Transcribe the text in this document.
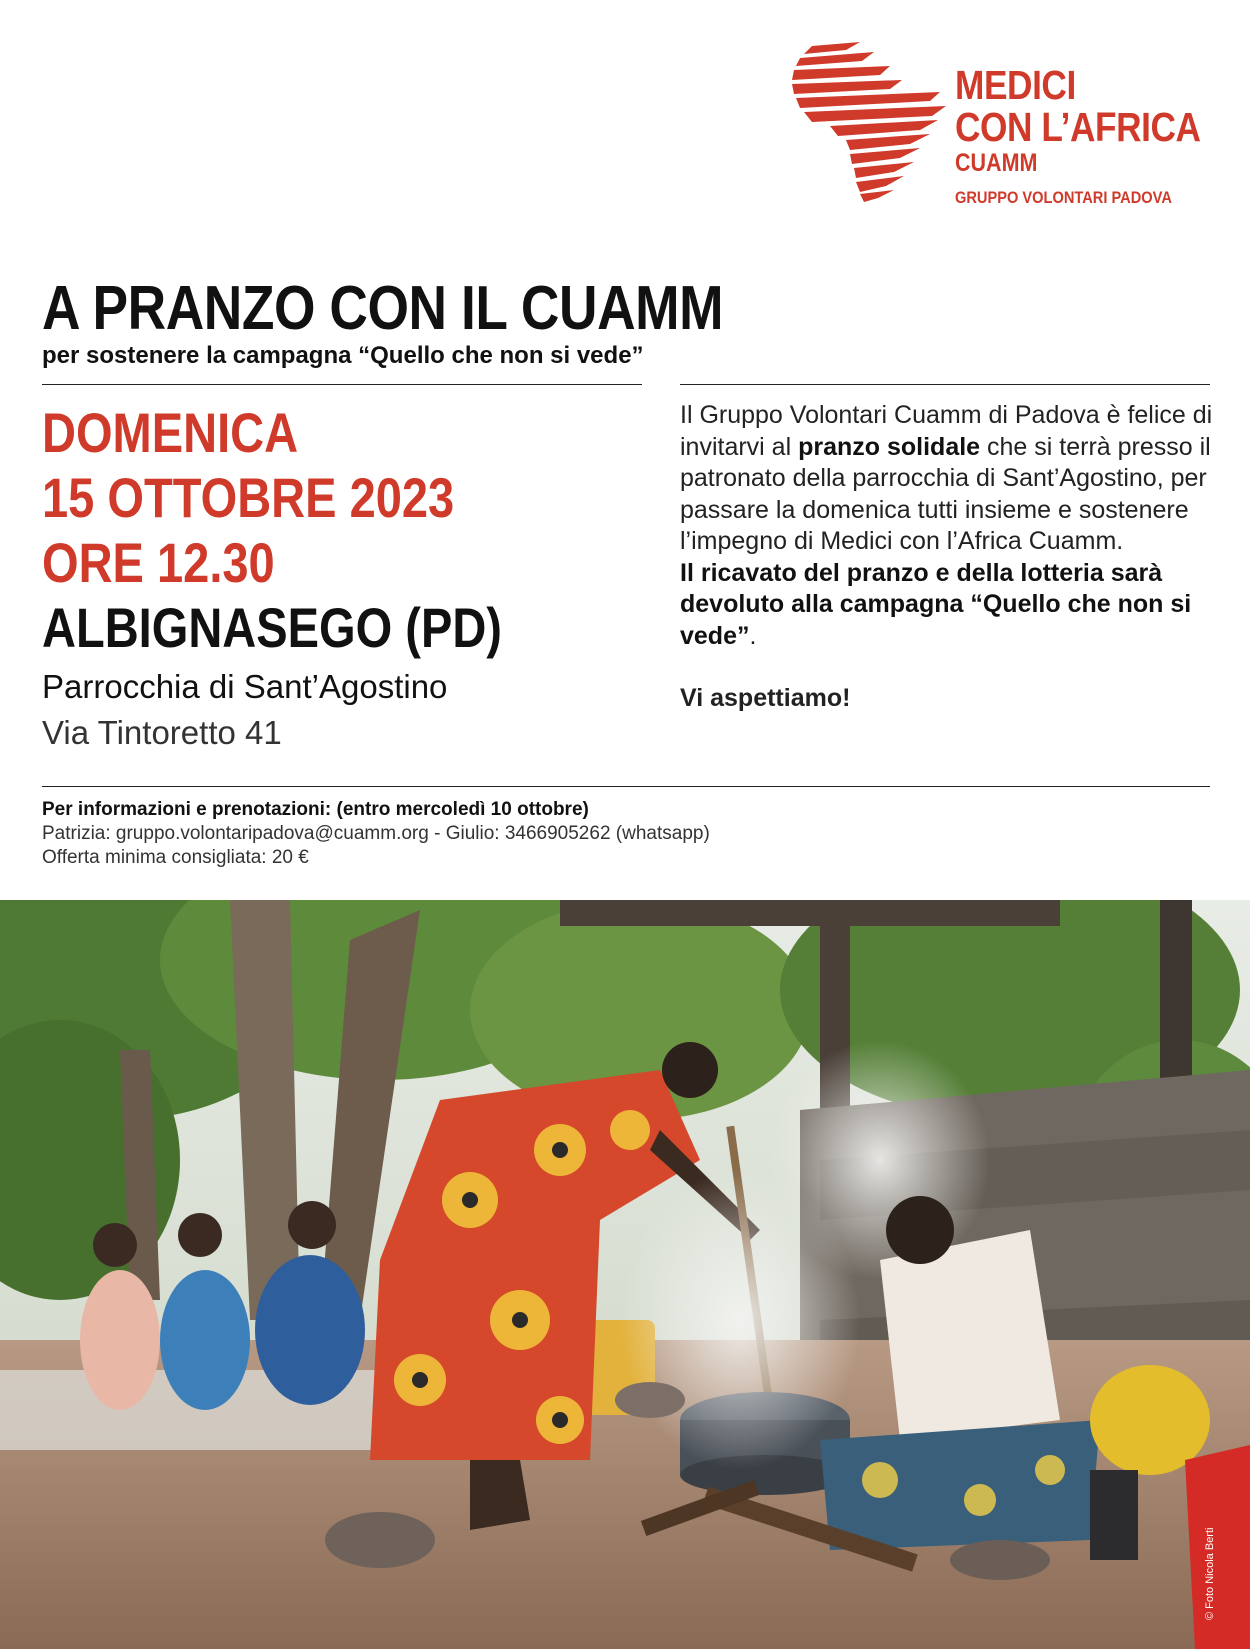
MEDICI
CON L’AFRICA
CUAMM
GRUPPO VOLONTARI PADOVA
A PRANZO CON IL CUAMM
per sostenere la campagna “Quello che non si vede”
DOMENICA
15 OTTOBRE 2023
ORE 12.30
ALBIGNASEGO (PD)
Parrocchia di Sant’Agostino
Via Tintoretto 41
Il Gruppo Volontari Cuamm di Padova è felice di invitarvi al pranzo solidale che si terrà presso il patronato della parrocchia di Sant’Agostino, per passare la domenica tutti insieme e sostenere l’impegno di Medici con l’Africa Cuamm.
Il ricavato del pranzo e della lotteria sarà devoluto alla campagna “Quello che non si vede”.
Vi aspettiamo!
Per informazioni e prenotazioni: (entro mercoledì 10 ottobre)
Patrizia: gruppo.volontaripadova@cuamm.org - Giulio: 3466905262 (whatsapp)
Offerta minima consigliata: 20 €
© Foto Nicola Berti
